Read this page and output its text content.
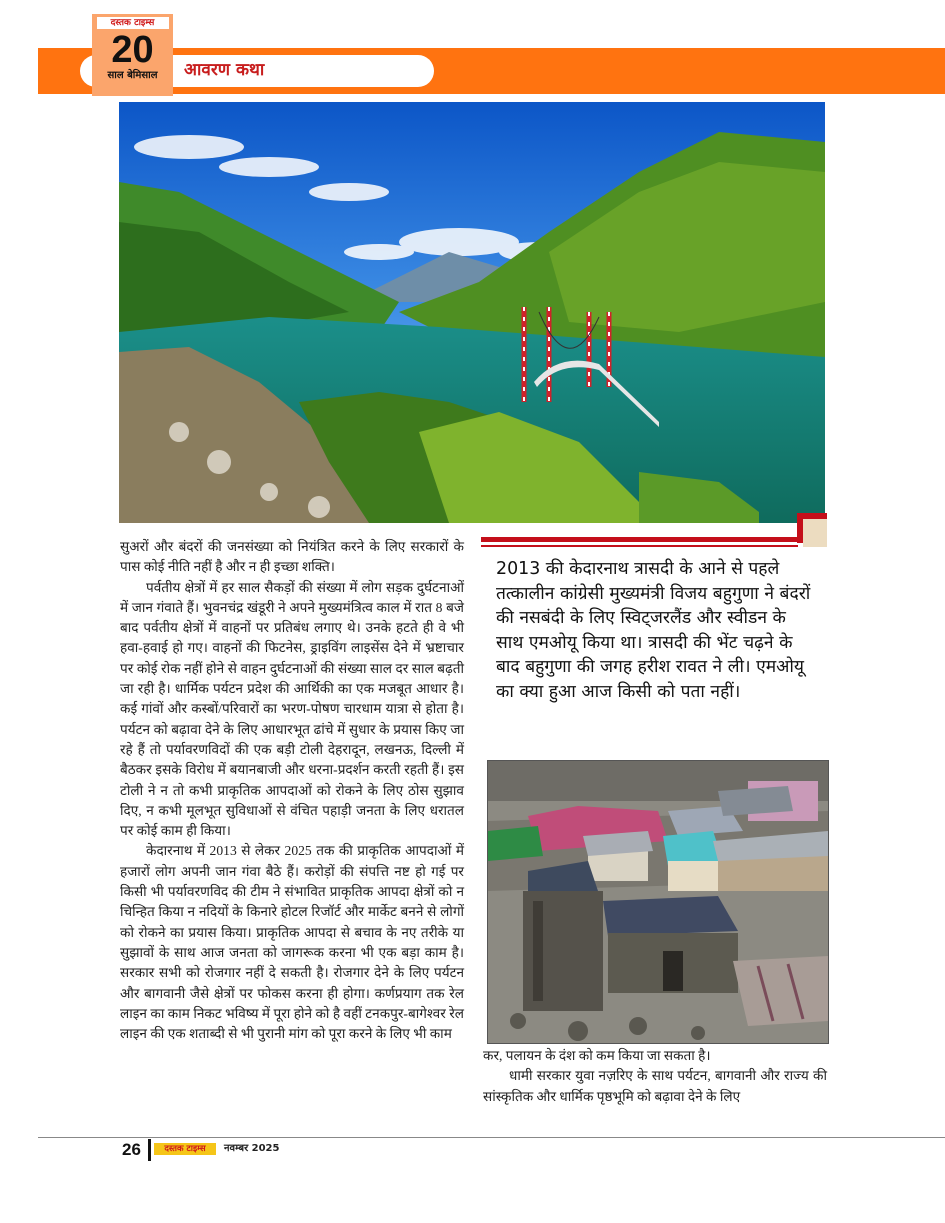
दस्तक टाइम्स
20
साल बेमिसाल	आवरण कथा

सुअरों और बंदरों की जनसंख्या को नियंत्रित करने के लिए सरकारों के पास कोई नीति नहीं है और न ही इच्छा शक्ति।

पर्वतीय क्षेत्रों में हर साल सैकड़ों की संख्या में लोग सड़क दुर्घटनाओं में जान गंवाते हैं। भुवनचंद्र खंडूरी ने अपने मुख्यमंत्रित्व काल में रात 8 बजे बाद पर्वतीय क्षेत्रों में वाहनों पर प्रतिबंध लगाए थे। उनके हटते ही वे भी हवा-हवाई हो गए। वाहनों की फिटनेस, ड्राइविंग लाइसेंस देने में भ्रष्टाचार पर कोई रोक नहीं होने से वाहन दुर्घटनाओं की संख्या साल दर साल बढ़ती जा रही है। धार्मिक पर्यटन प्रदेश की आर्थिकी का एक मजबूत आधार है। कई गांवों और कस्बों/परिवारों का भरण-पोषण चारधाम यात्रा से होता है। पर्यटन को बढ़ावा देने के लिए आधारभूत ढांचे में सुधार के प्रयास किए जा रहे हैं तो पर्यावरणविदों की एक बड़ी टोली देहरादून, लखनऊ, दिल्ली में बैठकर इसके विरोध में बयानबाजी और धरना-प्रदर्शन करती रहती हैं। इस टोली ने न तो कभी प्राकृतिक आपदाओं को रोकने के लिए ठोस सुझाव दिए, न कभी मूलभूत सुविधाओं से वंचित पहाड़ी जनता के लिए धरातल पर कोई काम ही किया।

केदारनाथ में 2013 से लेकर 2025 तक की प्राकृतिक आपदाओं में हजारों लोग अपनी जान गंवा बैठे हैं। करोड़ों की संपत्ति नष्ट हो गई पर किसी भी पर्यावरणविद की टीम ने संभावित प्राकृतिक आपदा क्षेत्रों को न चिन्हित किया न नदियों के किनारे होटल रिजॉर्ट और मार्केट बनने से लोगों को रोकने का प्रयास किया। प्राकृतिक आपदा से बचाव के नए तरीके या सुझावों के साथ आज जनता को जागरूक करना भी एक बड़ा काम है। सरकार सभी को रोजगार नहीं दे सकती है। रोजगार देने के लिए पर्यटन और बागवानी जैसे क्षेत्रों पर फोकस करना ही होगा। कर्णप्रयाग तक रेल लाइन का काम निकट भविष्य में पूरा होने को है वहीं टनकपुर-बागेश्वर रेल लाइन की एक शताब्दी से भी पुरानी मांग को पूरा करने के लिए भी काम

2013 की केदारनाथ त्रासदी के आने से पहले तत्कालीन कांग्रेसी मुख्यमंत्री विजय बहुगुणा ने बंदरों की नसबंदी के लिए स्विट्जरलैंड और स्वीडन के साथ एमओयू किया था। त्रासदी की भेंट चढ़ने के बाद बहुगुणा की जगह हरीश रावत ने ली। एमओयू का क्या हुआ आज किसी को पता नहीं।

कर, पलायन के दंश को कम किया जा सकता है।

धामी सरकार युवा नज़रिए के साथ पर्यटन, बागवानी और राज्य की सांस्कृतिक और धार्मिक पृष्ठभूमि को बढ़ावा देने के लिए

26	दस्तक टाइम्स	नवम्बर 2025
